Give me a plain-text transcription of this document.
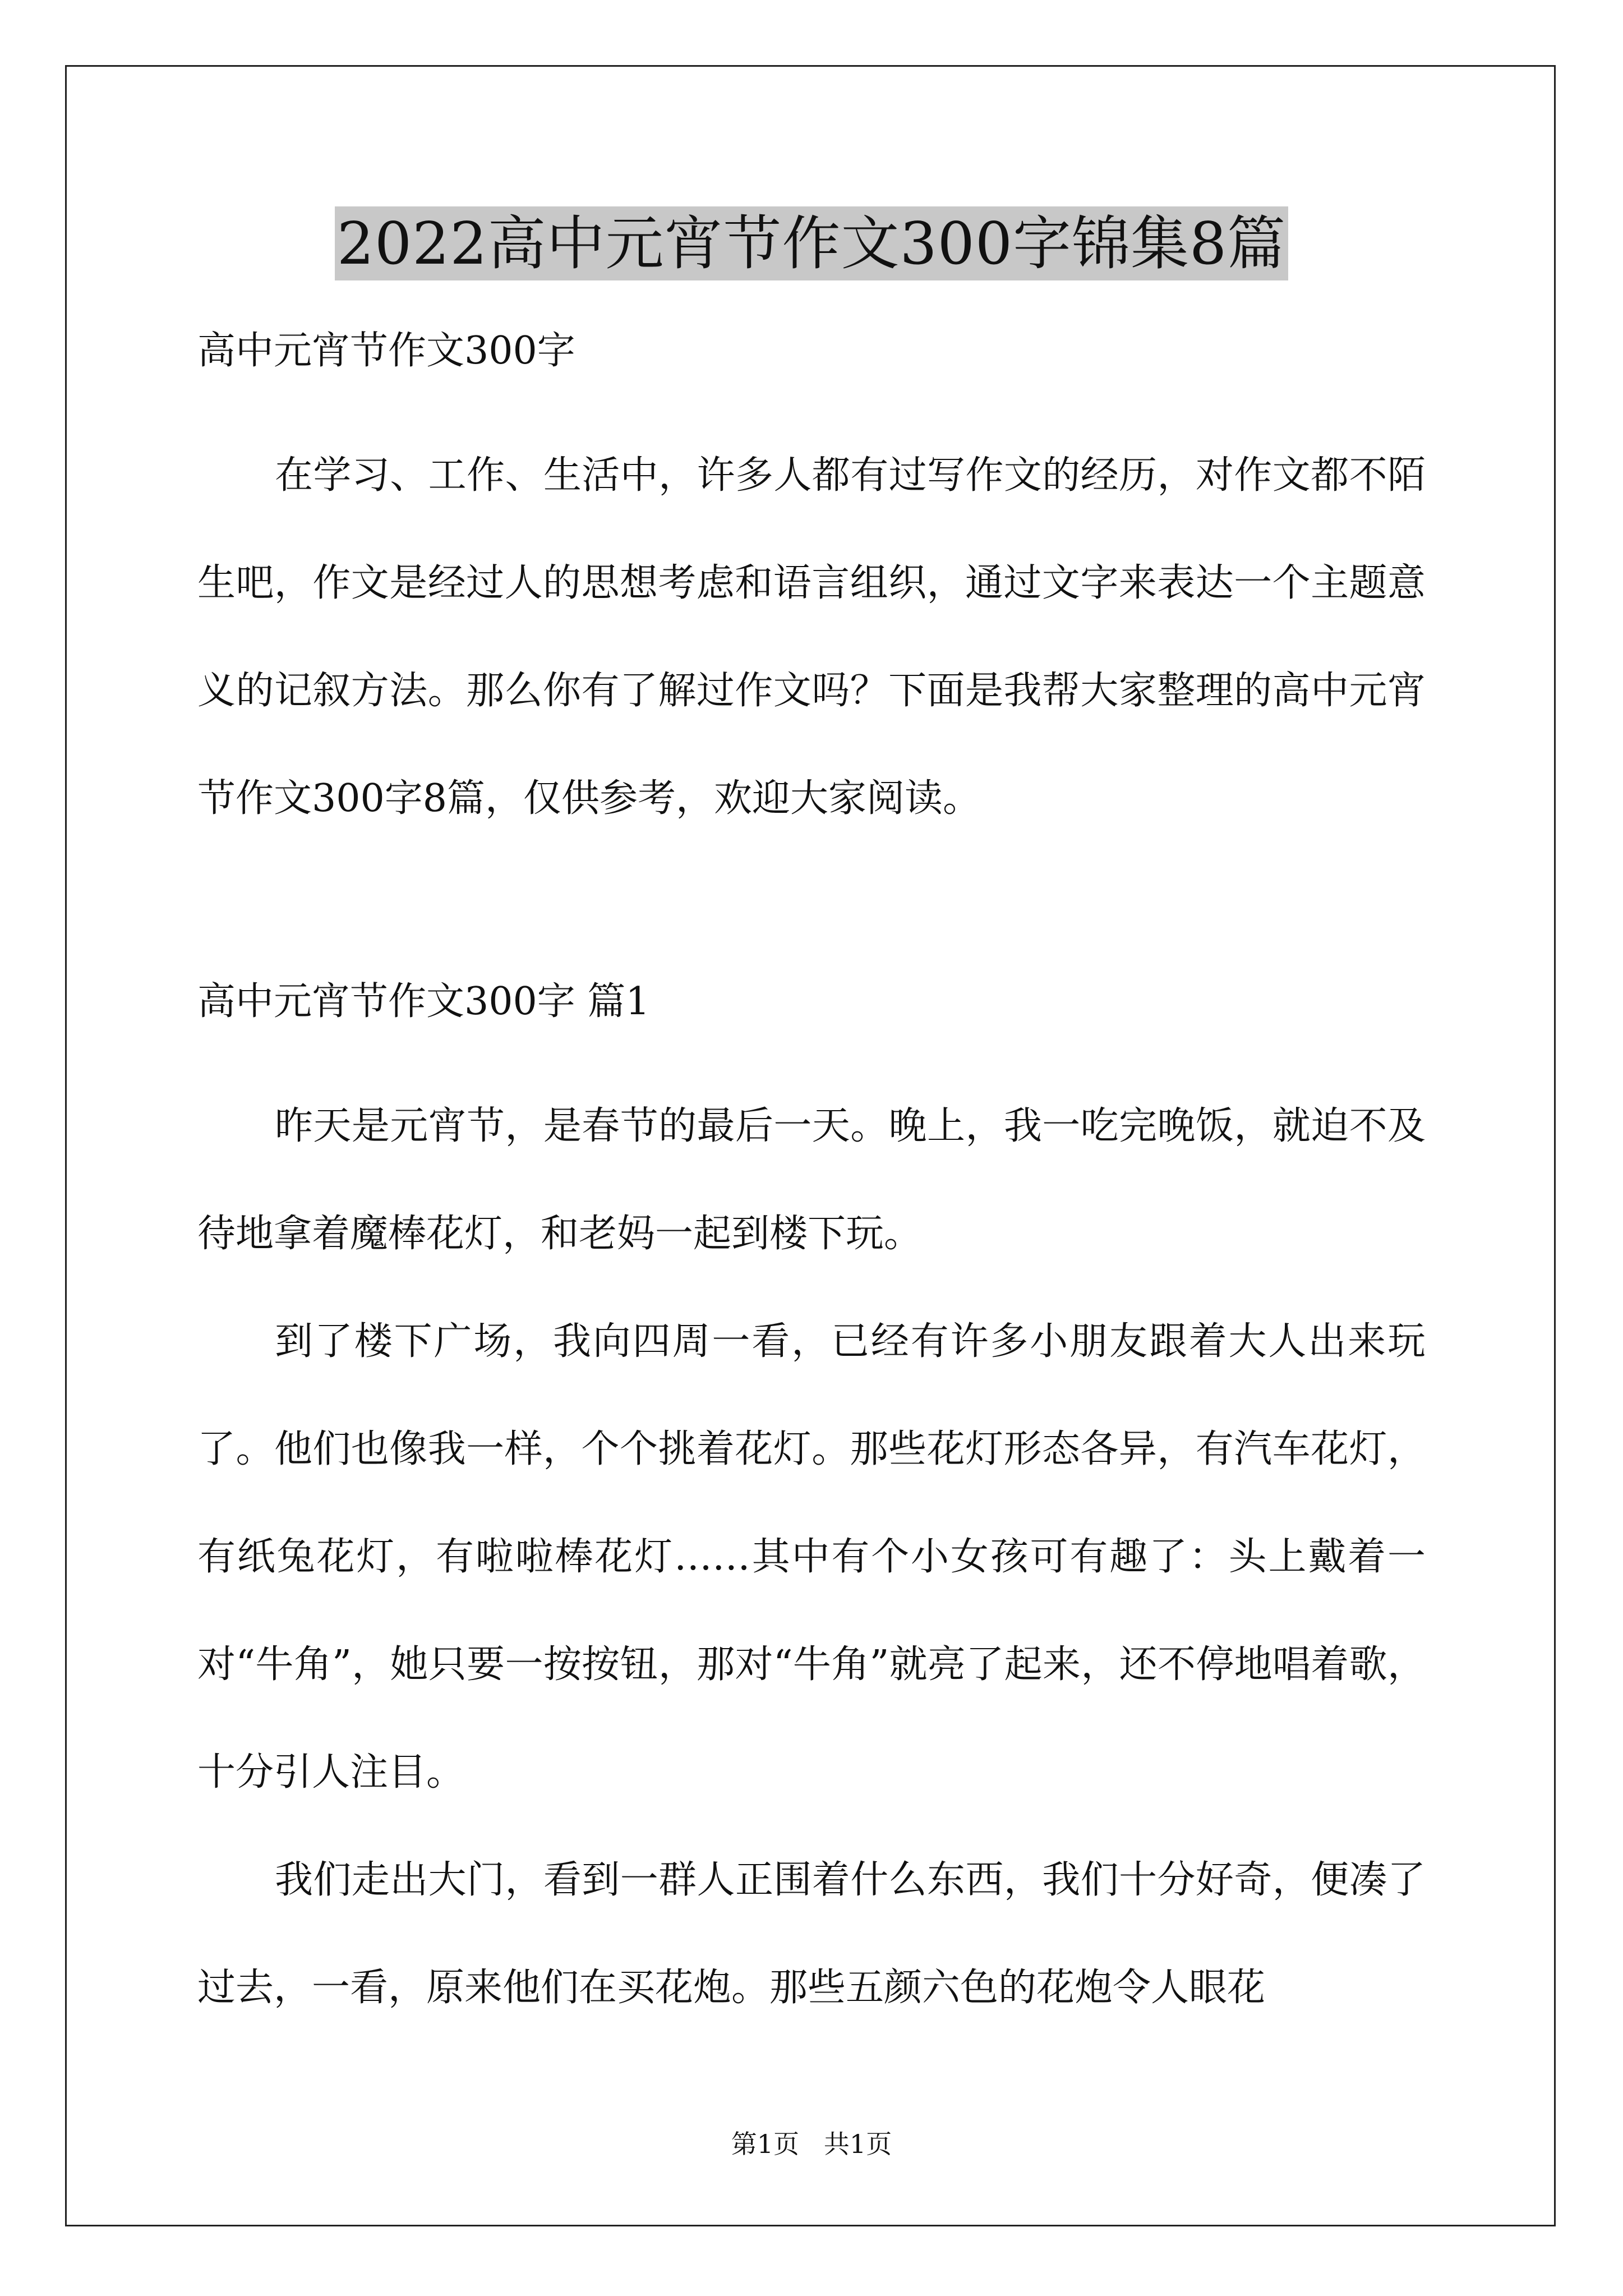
2022高中元宵节作文300字锦集8篇
高中元宵节作文300字

在学习、工作、生活中，许多人都有过写作文的经历，对作文都不陌生吧，作文是经过人的思想考虑和语言组织，通过文字来表达一个主题意义的记叙方法。那么你有了解过作文吗？下面是我帮大家整理的高中元宵节作文300字8篇，仅供参考，欢迎大家阅读。

高中元宵节作文300字 篇1

昨天是元宵节，是春节的最后一天。晚上，我一吃完晚饭，就迫不及待地拿着魔棒花灯，和老妈一起到楼下玩。

到了楼下广场，我向四周一看，已经有许多小朋友跟着大人出来玩了。他们也像我一样，个个挑着花灯。那些花灯形态各异，有汽车花灯，有纸兔花灯，有啦啦棒花灯……其中有个小女孩可有趣了：头上戴着一对“牛角”，她只要一按按钮，那对“牛角”就亮了起来，还不停地唱着歌，十分引人注目。

我们走出大门，看到一群人正围着什么东西，我们十分好奇，便凑了过去，一看，原来他们在买花炮。那些五颜六色的花炮令人眼花

第1页   共1页
